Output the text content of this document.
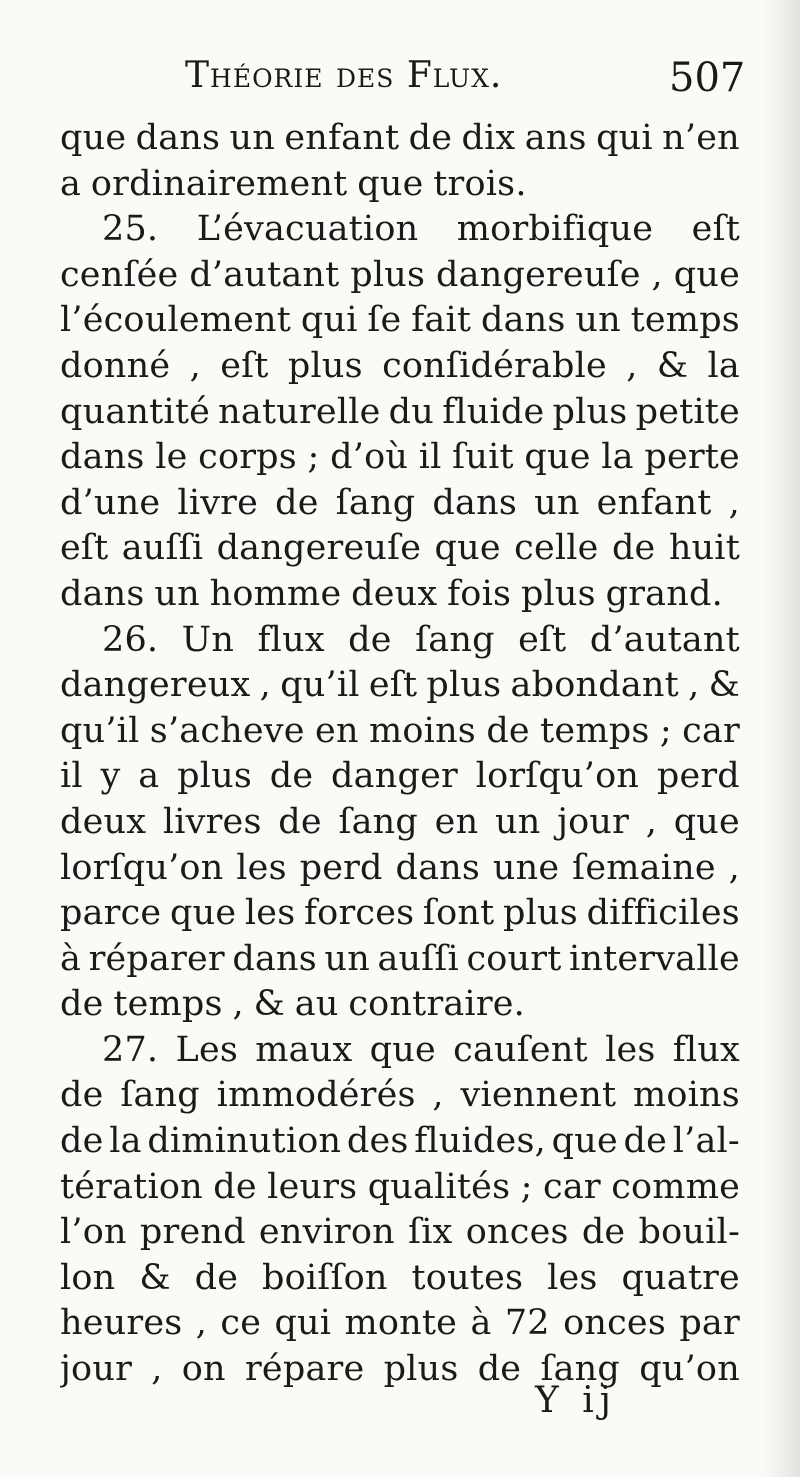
Théorie des Flux.	507
que dans un enfant de dix ans qui n’en
a ordinairement que trois.
25. L’évacuation morbifique eſt
cenſée d’autant plus dangereuſe , que
l’écoulement qui ſe fait dans un temps
donné , eſt plus conſidérable , & la
quantité naturelle du fluide plus petite
dans le corps ; d’où il ſuit que la perte
d’une livre de ſang dans un enfant ,
eſt auſſi dangereuſe que celle de huit
dans un homme deux fois plus grand.
26. Un flux de ſang eſt d’autant
dangereux , qu’il eſt plus abondant , &
qu’il s’acheve en moins de temps ; car
il y a plus de danger lorſqu’on perd
deux livres de ſang en un jour , que
lorſqu’on les perd dans une ſemaine ,
parce que les forces ſont plus difficiles
à réparer dans un auſſi court intervalle
de temps , & au contraire.
27. Les maux que cauſent les flux
de ſang immodérés , viennent moins
de la diminution des fluides, que de l’al-
tération de leurs qualités ; car comme
l’on prend environ ſix onces de bouil-
lon & de boiſſon toutes les quatre
heures , ce qui monte à 72 onces par
jour , on répare plus de ſang qu’on
Y ij
